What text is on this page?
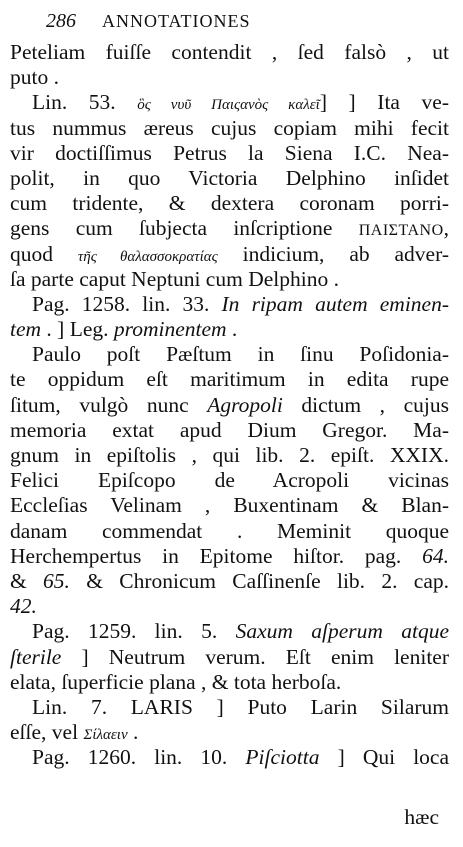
286	ANNOTATIONES
Peteliam fuiſſe contendit , ſed falsò , ut
puto .
Lin. 53. ὃς νυῦ Παιςανὸς καλεῖ] ] Ita ve-
tus nummus æreus cujus copiam mihi fecit
vir doctiſſimus Petrus la Siena I.C. Nea-
polit, in quo Victoria Delphino inſidet
cum tridente, & dextera coronam porri-
gens cum ſubjecta inſcriptione ΠΑΙΣΤΑΝΟ,
quod τῆς θαλασσοκρατίας indicium, ab adver-
ſa parte caput Neptuni cum Delphino .
Pag. 1258. lin. 33. In ripam autem eminen-
tem . ] Leg. prominentem .
Paulo poſt Pæſtum in ſinu Poſidonia-
te oppidum eſt maritimum in edita rupe
ſitum, vulgò nunc Agropoli dictum , cujus
memoria extat apud Dium Gregor. Ma-
gnum in epiſtolis , qui lib. 2. epiſt. XXIX.
Felici Epiſcopo de Acropoli vicinas
Eccleſias Velinam , Buxentinam & Blan-
danam commendat . Meminit quoque
Herchempertus in Epitome hiſtor. pag. 64.
& 65. & Chronicum Caſſinenſe lib. 2. cap.
42.
Pag. 1259. lin. 5. Saxum aſperum atque
ſterile ] Neutrum verum. Eſt enim leniter
elata, ſuperficie plana , & tota herboſa.
Lin. 7. LARIS ] Puto Larin Silarum
eſſe, vel Σίλαειν .
Pag. 1260. lin. 10. Piſciotta ] Qui loca
hæc
